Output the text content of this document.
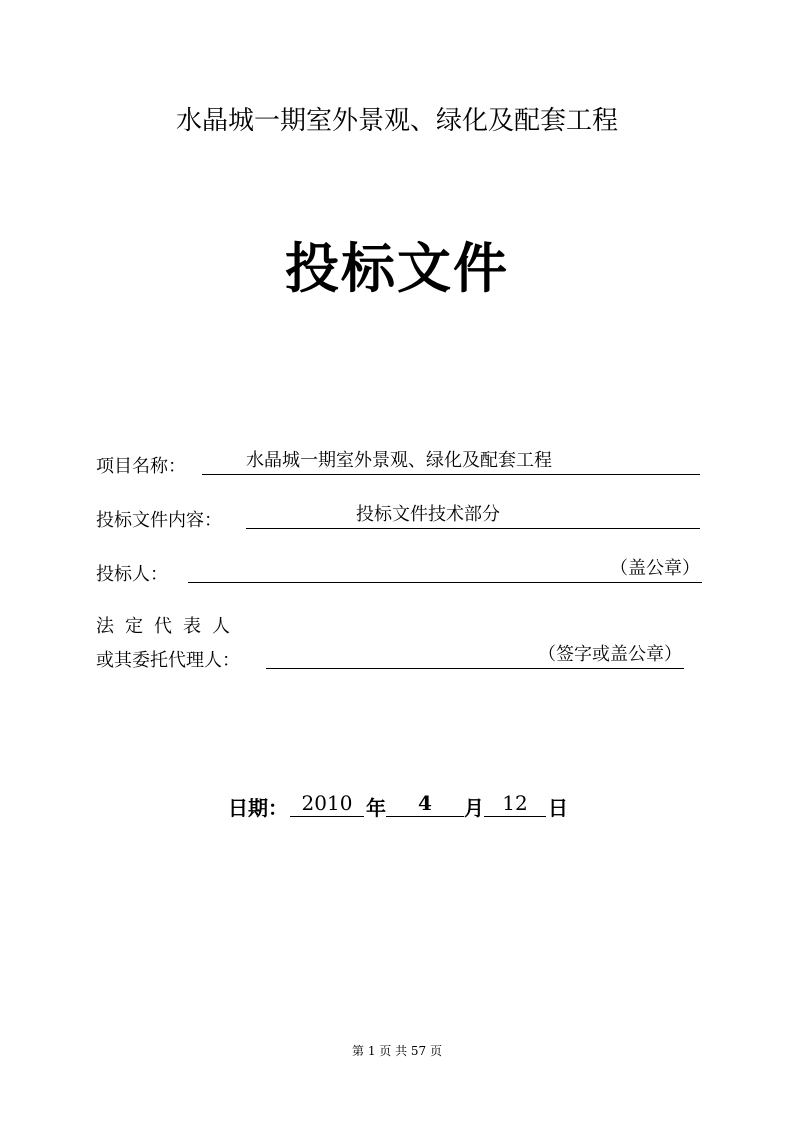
水晶城一期室外景观、绿化及配套工程
投标文件
项目名称：	水晶城一期室外景观、绿化及配套工程
投标文件内容：	投标文件技术部分
投标人：	（盖公章）
法定代表人
或其委托代理人：	（签字或盖公章）
日期： 2010 年	4	月 12	日
第 1 页 共 57 页
